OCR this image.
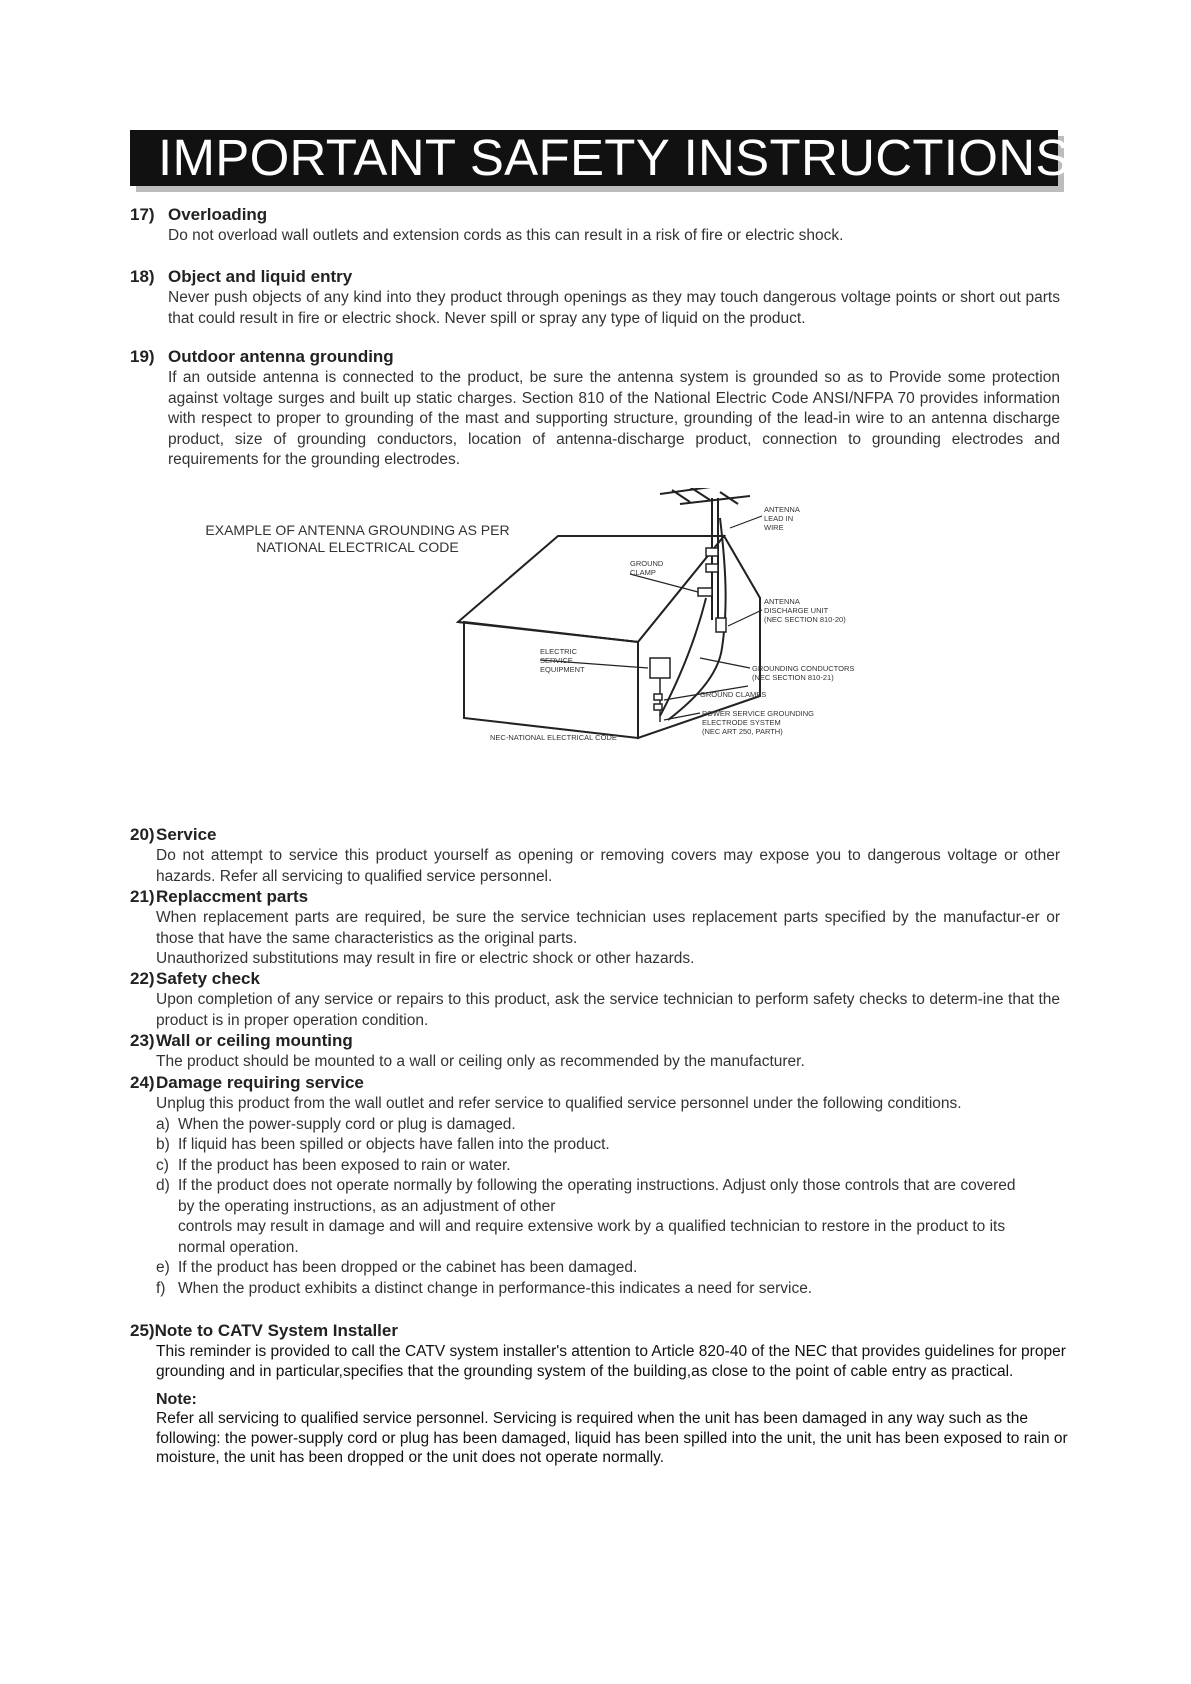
IMPORTANT SAFETY INSTRUCTIONS
17) Overloading
Do not overload wall outlets and extension cords as this can result in a risk of fire or electric shock.
18) Object and liquid entry
Never push objects of any kind into they product through openings as they may touch dangerous voltage points or short out parts that could result in fire or electric shock. Never spill or spray any type of liquid on the product.
19) Outdoor antenna grounding
If an outside antenna is connected to the product, be sure the antenna system is grounded so as to Provide some protection against voltage surges and built up static charges. Section 810 of the National Electric Code ANSI/NFPA 70 provides information with respect to proper to grounding of the mast and supporting structure, grounding of the lead-in wire to an antenna discharge product, size of grounding conductors, location of antenna-discharge product, connection to grounding electrodes and requirements for the grounding electrodes.
EXAMPLE OF ANTENNA GROUNDING AS PER
NATIONAL ELECTRICAL CODE
ANTENNA LEAD IN WIRE
GROUND CLAMP
ANTENNA DISCHARGE UNIT (NEC SECTION 810-20)
ELECTRIC SERVICE EQUIPMENT	GROUNDING CONDUCTORS (NEC SECTION 810-21)
GROUND CLAMPS
POWER SERVICE GROUNDING ELECTRODE SYSTEM (NEC ART 250, PARTH)
NEC-NATIONAL ELECTRICAL CODE
20)Service
Do not attempt to service this product yourself as opening or removing covers may expose you to dangerous voltage or other hazards. Refer all servicing to qualified service personnel.
21)Replaccment parts
When replacement parts are required, be sure the service technician uses replacement parts specified by the manufactur-er or those that have the same characteristics as the original parts.
Unauthorized substitutions may result in fire or electric shock or other hazards.
22)Safety check
Upon completion of any service or repairs to this product, ask the service technician to perform safety checks to determ-ine that the product is in proper operation condition.
23)Wall or ceiling mounting
The product should be mounted to a wall or ceiling only as recommended by the manufacturer.
24)Damage requiring service
Unplug this product from the wall outlet and refer service to qualified service personnel under the following conditions.
a) When the power-supply cord or plug is damaged.
b) If liquid has been spilled or objects have fallen into the product.
c) If the product has been exposed to rain or water.
d) If the product does not operate normally by following the operating instructions. Adjust only those controls that are covered by the operating instructions, as an adjustment of other
controls may result in damage and will and require extensive work by a qualified technician to restore in the product to its normal operation.
e) If the product has been dropped or the cabinet has been damaged.
f) When the product exhibits a distinct change in performance-this indicates a need for service.
25)Note to CATV System Installer
This reminder is provided to call the CATV system installer's attention to Article 820-40 of the NEC that provides guidelines for proper grounding and in particular,specifies that the grounding system of the building,as close to the point of cable entry as practical.
Note:
Refer all servicing to qualified service personnel. Servicing is required when the unit has been damaged in any way such as the following: the power-supply cord or plug has been damaged, liquid has been spilled into the unit, the unit has been exposed to rain or moisture, the unit has been dropped or the unit does not operate normally.
